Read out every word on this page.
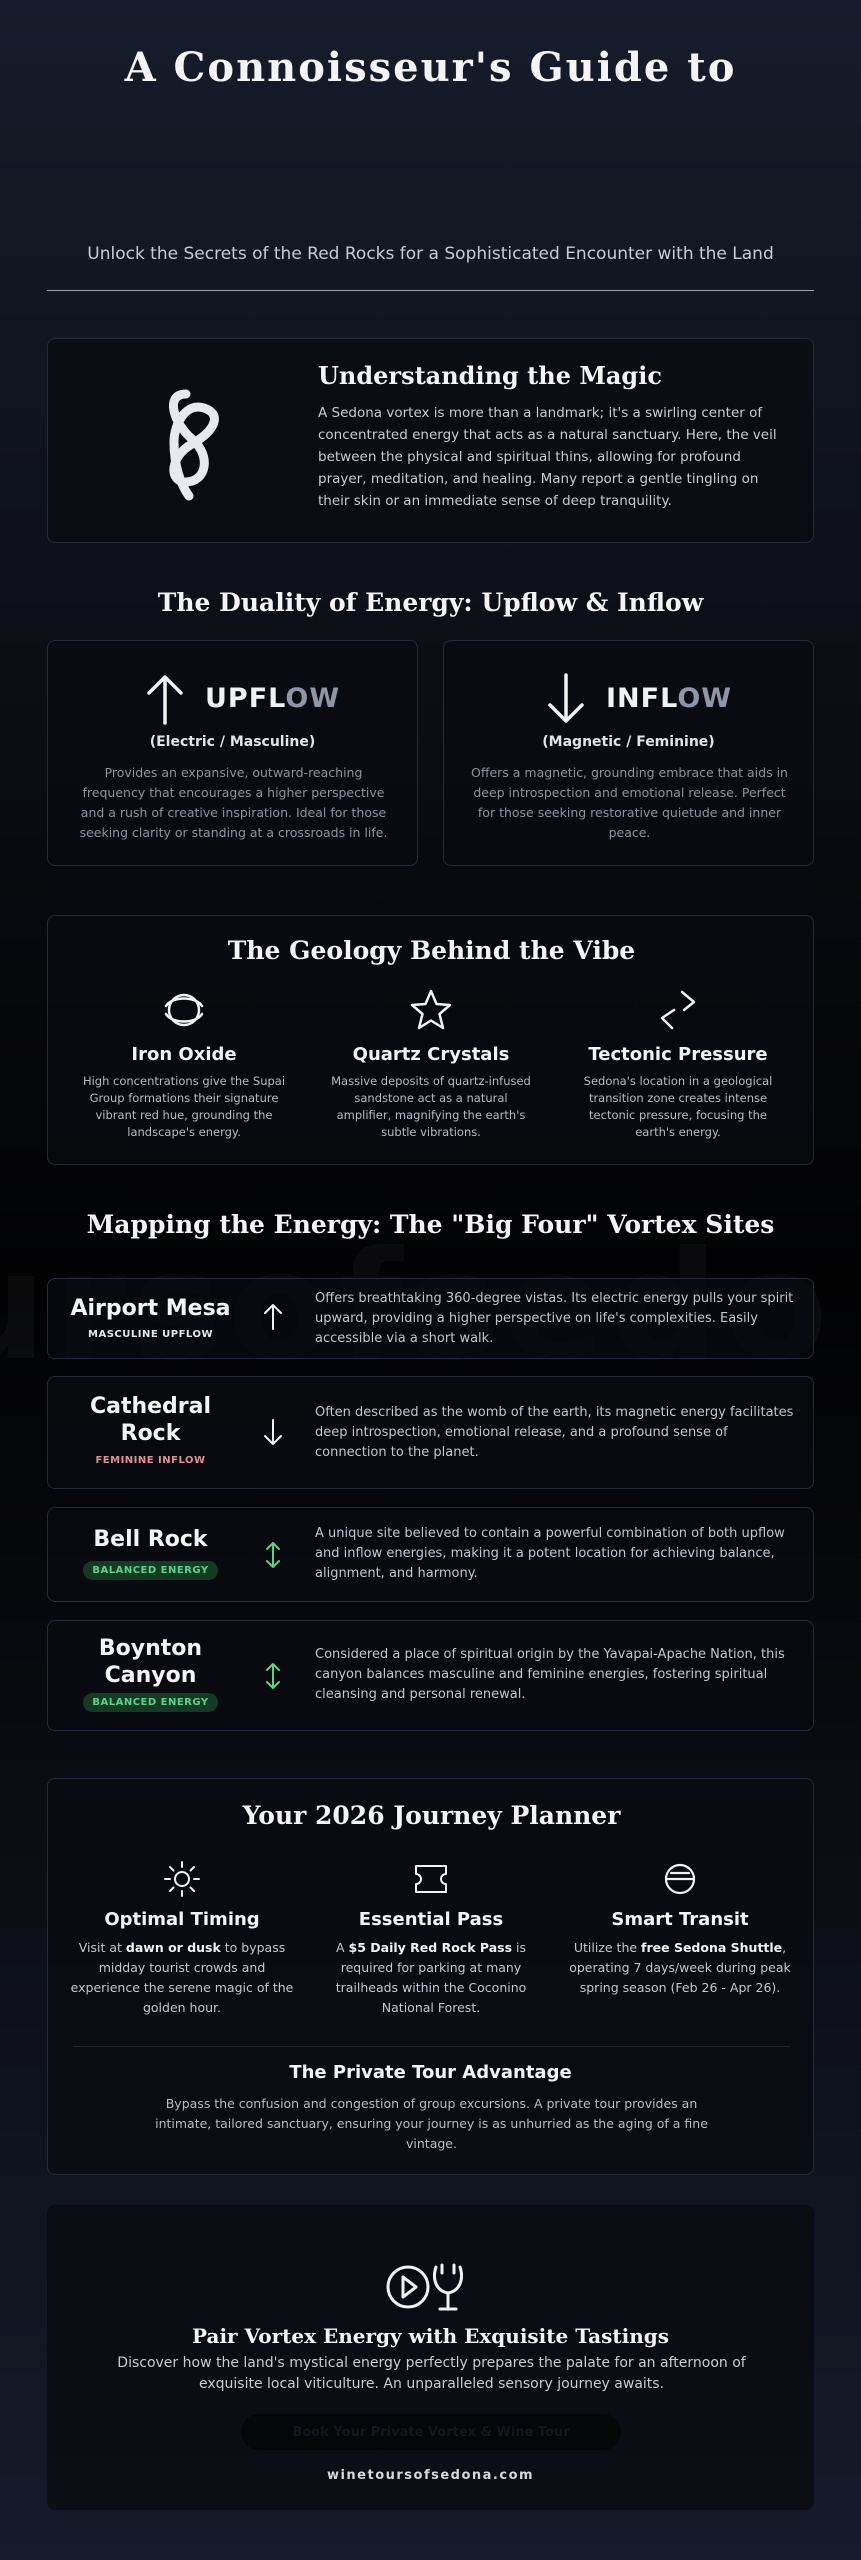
A Connoisseur's Guide to

Unlock the Secrets of the Red Rocks for a Sophisticated Encounter with the Land

Understanding the Magic

A Sedona vortex is more than a landmark; it's a swirling center of concentrated energy that acts as a natural sanctuary. Here, the veil between the physical and spiritual thins, allowing for profound prayer, meditation, and healing. Many report a gentle tingling on their skin or an immediate sense of deep tranquility.

The Duality of Energy: Upflow & Inflow
UPFLOW
(Electric / Masculine)

Provides an expansive, outward-reaching frequency that encourages a higher perspective and a rush of creative inspiration. Ideal for those seeking clarity or standing at a crossroads in life.

INFLOW
(Magnetic / Feminine)

Offers a magnetic, grounding embrace that aids in deep introspection and emotional release. Perfect for those seeking restorative quietude and inner peace.

The Geology Behind the Vibe
Iron Oxide

High concentrations give the Supai Group formations their signature vibrant red hue, grounding the landscape's energy.

Quartz Crystals

Massive deposits of quartz-infused sandstone act as a natural amplifier, magnifying the earth's subtle vibrations.

Tectonic Pressure

Sedona's location in a geological transition zone creates intense tectonic pressure, focusing the earth's energy.

Mapping the Energy: The "Big Four" Vortex Sites
Airport Mesa
MASCULINE UPFLOW

Offers breathtaking 360-degree vistas. Its electric energy pulls your spirit upward, providing a higher perspective on life's complexities. Easily accessible via a short walk.

Cathedral
Rock
FEMININE INFLOW

Often described as the womb of the earth, its magnetic energy facilitates deep introspection, emotional release, and a profound sense of connection to the planet.

Bell Rock
BALANCED ENERGY

A unique site believed to contain a powerful combination of both upflow and inflow energies, making it a potent location for achieving balance, alignment, and harmony.

Boynton
Canyon
BALANCED ENERGY

Considered a place of spiritual origin by the Yavapai-Apache Nation, this canyon balances masculine and feminine energies, fostering spiritual cleansing and personal renewal.

Your 2026 Journey Planner
Optimal Timing

Visit at dawn or dusk to bypass midday tourist crowds and experience the serene magic of the golden hour.

Essential Pass

A $5 Daily Red Rock Pass is required for parking at many trailheads within the Coconino National Forest.

Smart Transit

Utilize the free Sedona Shuttle, operating 7 days/week during peak spring season (Feb 26 - Apr 26).

The Private Tour Advantage

Bypass the confusion and congestion of group excursions. A private tour provides an intimate, tailored sanctuary, ensuring your journey is as unhurried as the aging of a fine vintage.

Pair Vortex Energy with Exquisite Tastings

Discover how the land's mystical energy perfectly prepares the palate for an afternoon of exquisite local viticulture. An unparalleled sensory journey awaits.

Book Your Private Vortex & Wine Tour
winetoursofsedona.com
